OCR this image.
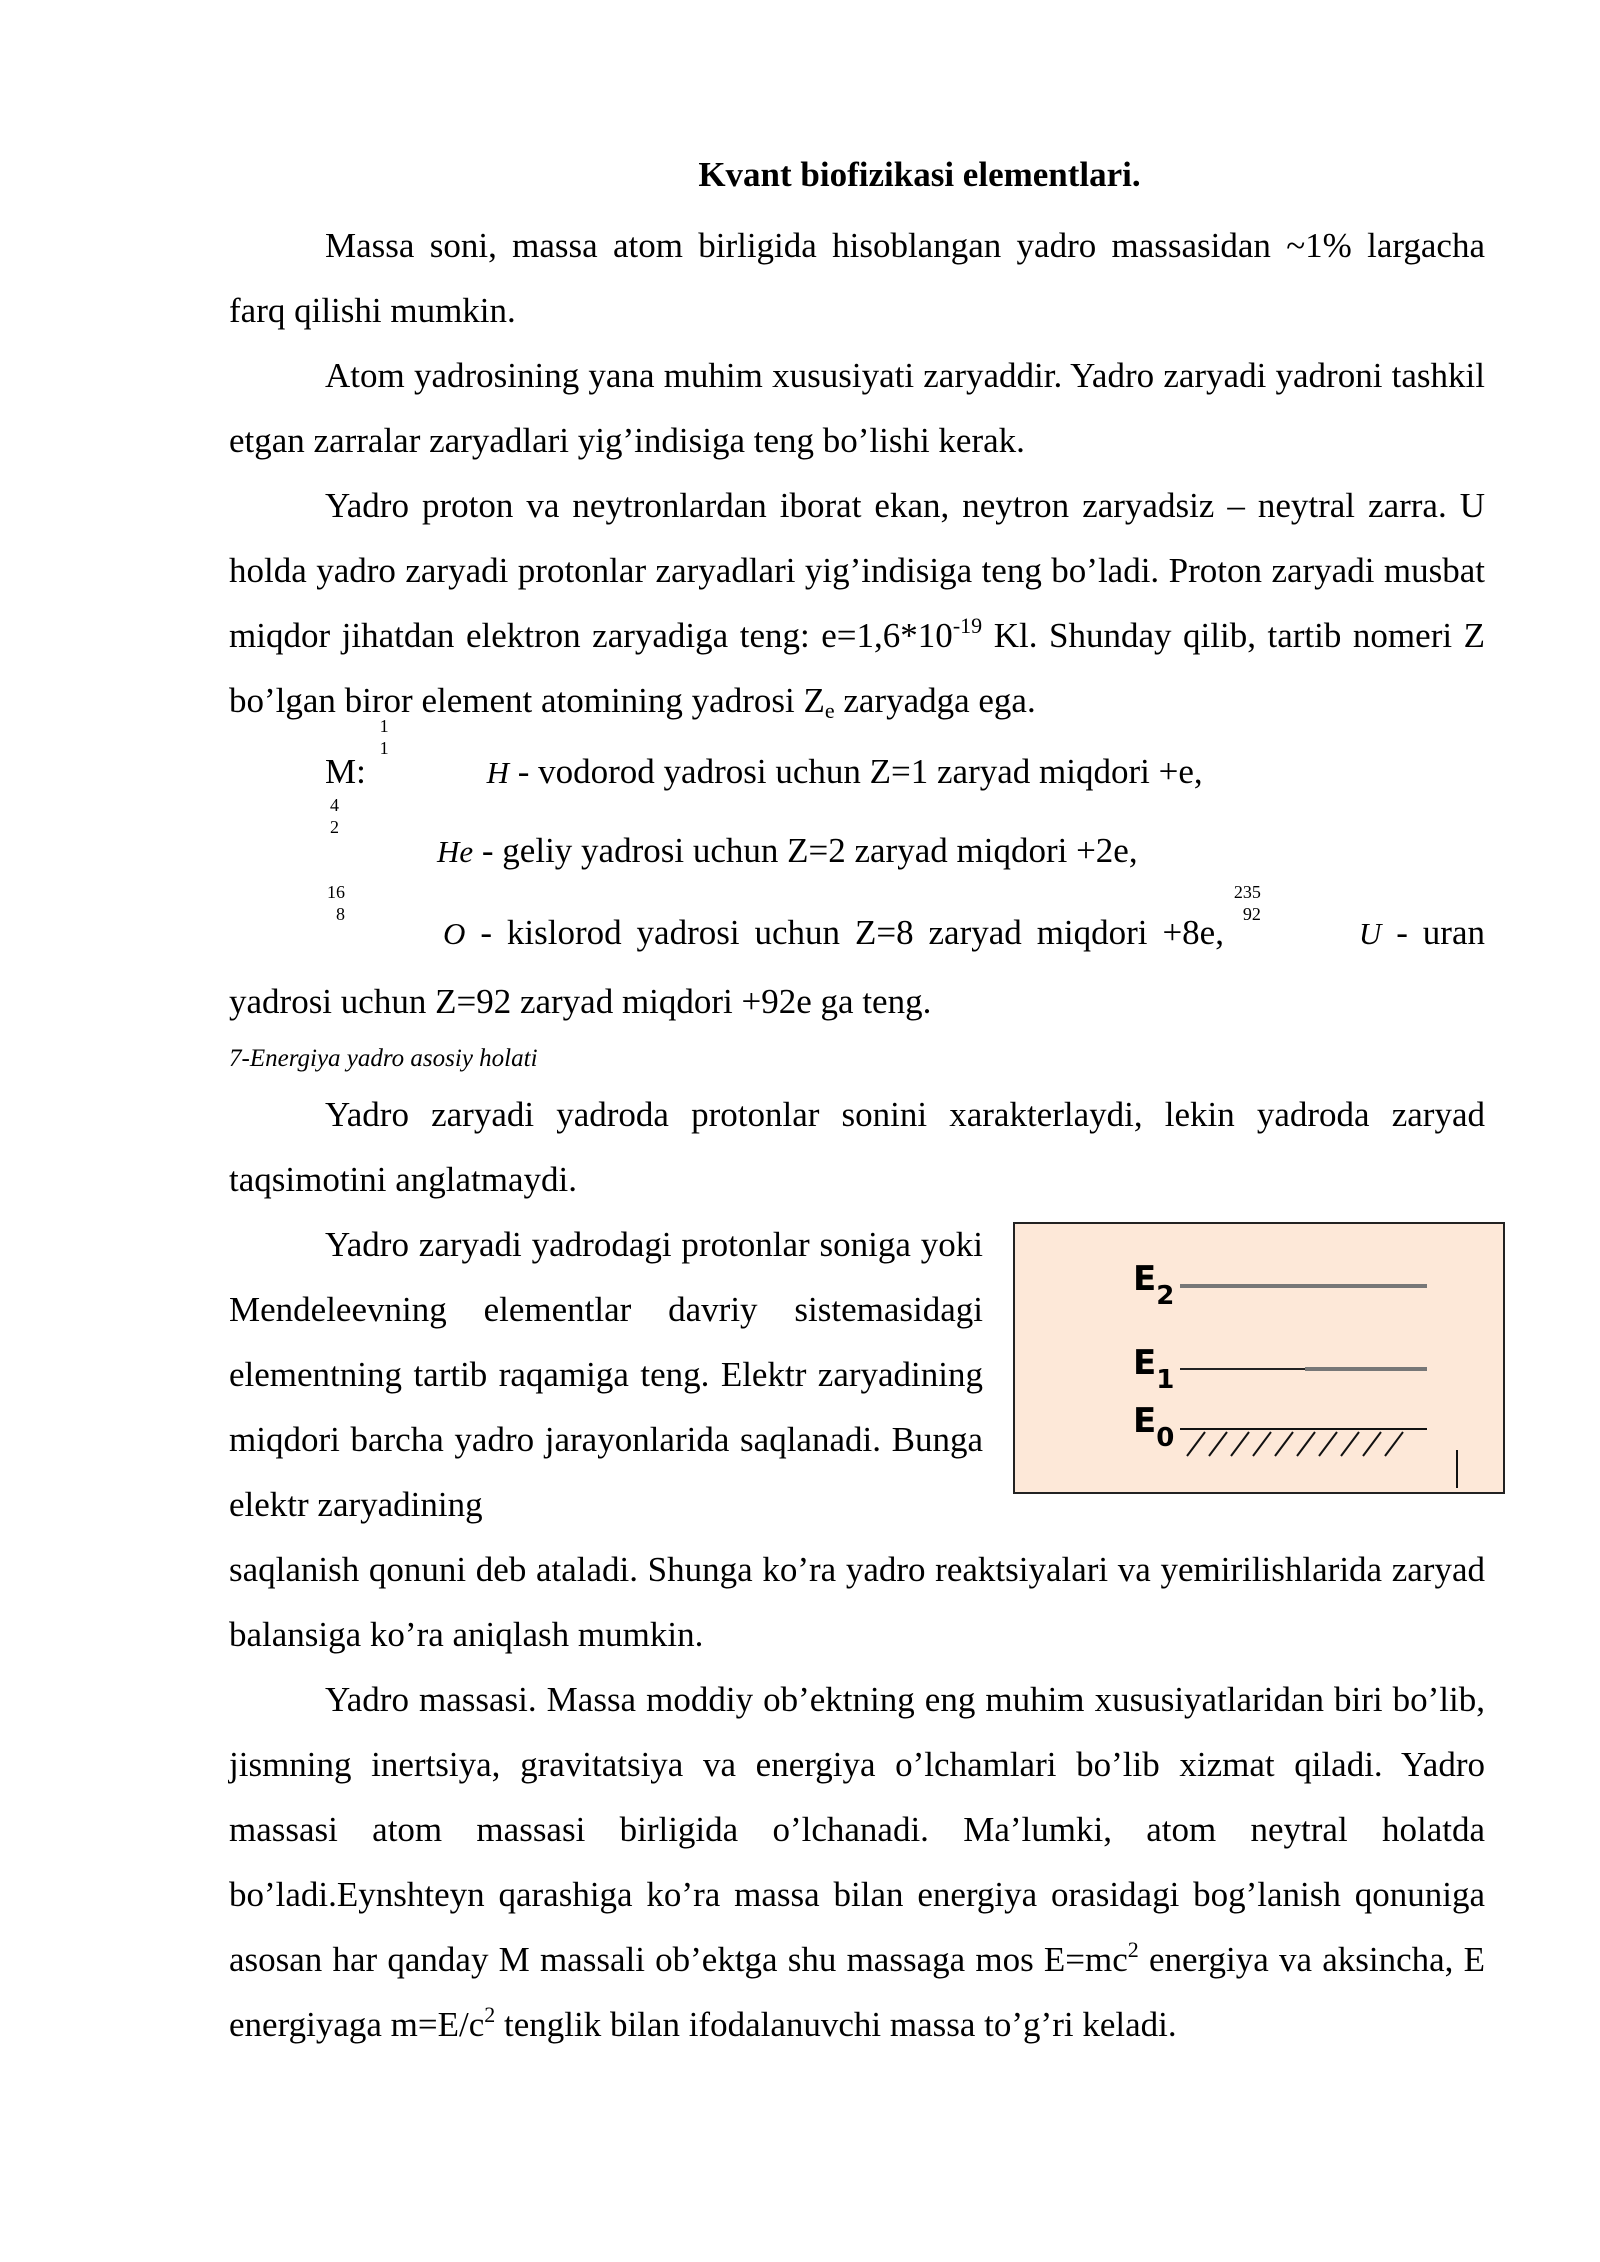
Kvant biofizikasi elementlari.

Massa soni, massa atom birligida hisoblangan yadro massasidan ~1% largacha farq qilishi mumkin.

Atom yadrosining yana muhim xususiyati zaryaddir. Yadro zaryadi yadroni tashkil etgan zarralar zaryadlari yig’indisiga teng bo’lishi kerak.

Yadro proton va neytronlardan iborat ekan, neytron zaryadsiz – neytral zarra. U holda yadro zaryadi protonlar zaryadlari yig’indisiga teng bo’ladi. Proton zaryadi musbat miqdor jihatdan elektron zaryadiga teng: $e=1,6*10^{-19}$ Kl. Shunday qilib, tartib nomeri Z bo’lgan biror element atomining yadrosi $Z_e$ zaryadga ega.

M:
1
1
H - vodorod yadrosi uchun Z=1 zaryad miqdori +e,

4
2
He - geliy yadrosi uchun Z=2 zaryad miqdori +2e,

16
8
O - kislorod yadrosi uchun Z=8 zaryad miqdori +8e,
235
92
U - uran yadrosi uchun Z=92 zaryad miqdori +92e ga teng.

7-Energiya yadro asosiy holati

Yadro zaryadi yadroda protonlar sonini xarakterlaydi, lekin yadroda zaryad taqsimotini anglatmaydi.

Yadro zaryadi yadrodagi protonlar soniga yoki Mendeleevning elementlar davriy sistemasidagi elementning tartib raqamiga teng. Elektr zaryadining miqdori barcha yadro jarayonlarida saqlanadi. Bunga elektr zaryadining

$E_2$
$E_1$
$E_0$

saqlanish qonuni deb ataladi. Shunga ko’ra yadro reaktsiyalari va yemirilishlarida zaryad balansiga ko’ra aniqlash mumkin.

Yadro massasi. Massa moddiy ob’ektning eng muhim xususiyatlaridan biri bo’lib, jismning inertsiya, gravitatsiya va energiya o’lchamlari bo’lib xizmat qiladi. Yadro massasi atom massasi birligida o’lchanadi. Ma’lumki, atom neytral holatda bo’ladi.Eynshteyn qarashiga ko’ra massa bilan energiya orasidagi bog’lanish qonuniga asosan har qanday M massali ob’ektga shu massaga mos $E=mc^2$ energiya va aksincha, E energiyaga $m=E/c^2$ tenglik bilan ifodalanuvchi massa to’g’ri keladi.
